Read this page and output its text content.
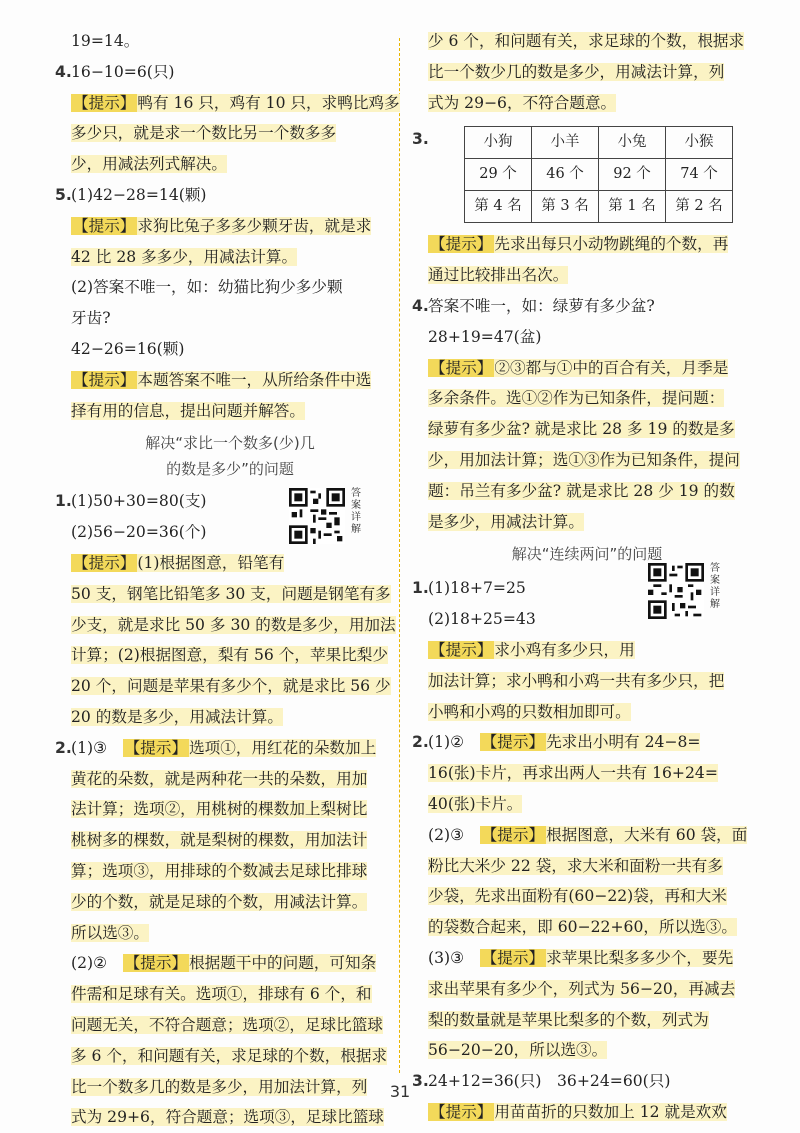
19=14。
4. 16−10=6(只)
【提示】 鸭有 16 只，鸡有 10 只，求鸭比鸡多
多少只，就是求一个数比另一个数多多
少，用减法列式解决。
5. (1)42−28=14(颗)
【提示】 求狗比兔子多多少颗牙齿，就是求
42 比 28 多多少，用减法计算。
(2)答案不唯一，如：幼猫比狗少多少颗
牙齿?
42−26=16(颗)
【提示】 本题答案不唯一，从所给条件中选
择有用的信息，提出问题并解答。
解决“求比一个数多(少)几
的数是多少”的问题
1.	答案详解
(1)50+30=80(支)
(2)56−20=36(个)
【提示】 (1)根据图意，铅笔有
50 支，钢笔比铅笔多 30 支，问题是钢笔有多
少支，就是求比 50 多 30 的数是多少，用加法
计算；(2)根据图意，梨有 56 个，苹果比梨少
20 个，问题是苹果有多少个，就是求比 56 少
20 的数是多少，用减法计算。
2. (1)③  【提示】 选项①，用红花的朵数加上
黄花的朵数，就是两种花一共的朵数，用加
法计算；选项②，用桃树的棵数加上梨树比
桃树多的棵数，就是梨树的棵数，用加法计
算；选项③，用排球的个数减去足球比排球
少的个数，就是足球的个数，用减法计算。
所以选③。
(2)②  【提示】 根据题干中的问题，可知条
件需和足球有关。选项①，排球有 6 个，和
问题无关，不符合题意；选项②，足球比篮球
多 6 个，和问题有关，求足球的个数，根据求
比一个数多几的数是多少，用加法计算，列
式为 29+6，符合题意；选项③，足球比篮球
少 6 个，和问题有关，求足球的个数，根据求
比一个数少几的数是多少，用减法计算，列
式为 29−6，不符合题意。
3.	小狗	小羊	小兔	小猴
29 个	46 个	92 个	74 个
第 4 名	第 3 名	第 1 名	第 2 名
【提示】 先求出每只小动物跳绳的个数，再
通过比较排出名次。
4. 答案不唯一，如：绿萝有多少盆?
28+19=47(盆)
【提示】 ②③都与①中的百合有关，月季是
多余条件。选①②作为已知条件，提问题：
绿萝有多少盆? 就是求比 28 多 19 的数是多
少，用加法计算；选①③作为已知条件，提问
题：吊兰有多少盆? 就是求比 28 少 19 的数
是多少，用减法计算。
解决“连续两问”的问题
1.
答案详解
(1)18+7=25
(2)18+25=43
【提示】 求小鸡有多少只，用
加法计算；求小鸭和小鸡一共有多少只，把
小鸭和小鸡的只数相加即可。
2. (1)②  【提示】 先求出小明有 24−8=
16(张)卡片，再求出两人一共有 16+24=
40(张)卡片。
(2)③  【提示】 根据图意，大米有 60 袋，面
粉比大米少 22 袋，求大米和面粉一共有多
少袋，先求出面粉有(60−22)袋，再和大米
的袋数合起来，即 60−22+60，所以选③。
(3)③  【提示】 求苹果比梨多多少个，要先
求出苹果有多少个，列式为 56−20，再减去
梨的数量就是苹果比梨多的个数，列式为
56−20−20，所以选③。
3. 24+12=36(只)　36+24=60(只)
【提示】 用苗苗折的只数加上 12 就是欢欢
31
